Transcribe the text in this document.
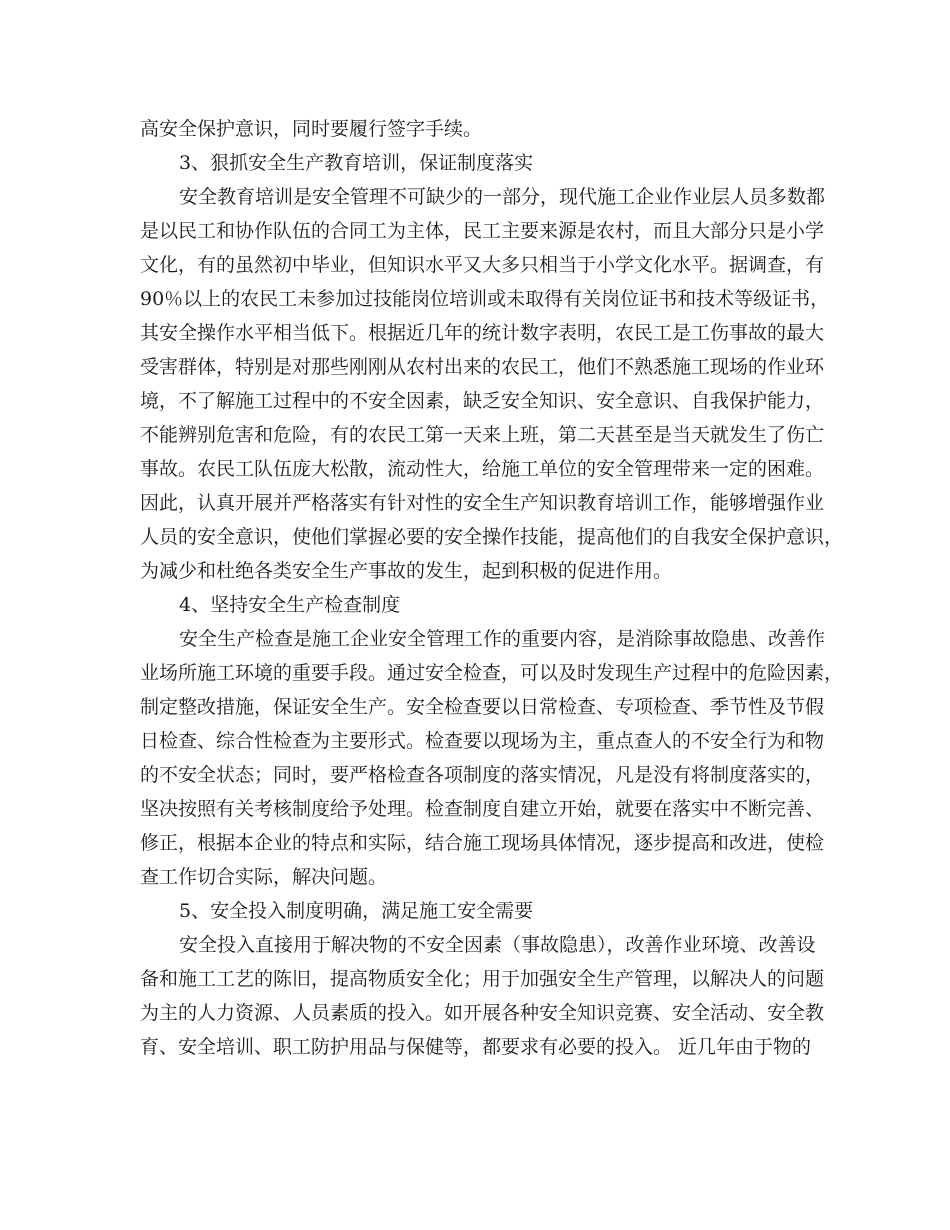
高安全保护意识，同时要履行签字手续。
3、狠抓安全生产教育培训，保证制度落实
安全教育培训是安全管理不可缺少的一部分，现代施工企业作业层人员多数都
是以民工和协作队伍的合同工为主体，民工主要来源是农村，而且大部分只是小学
文化，有的虽然初中毕业，但知识水平又大多只相当于小学文化水平。据调查，有
90％以上的农民工未参加过技能岗位培训或未取得有关岗位证书和技术等级证书，
其安全操作水平相当低下。根据近几年的统计数字表明，农民工是工伤事故的最大
受害群体，特别是对那些刚刚从农村出来的农民工，他们不熟悉施工现场的作业环
境，不了解施工过程中的不安全因素，缺乏安全知识、安全意识、自我保护能力，
不能辨别危害和危险，有的农民工第一天来上班，第二天甚至是当天就发生了伤亡
事故。农民工队伍庞大松散，流动性大，给施工单位的安全管理带来一定的困难。
因此，认真开展并严格落实有针对性的安全生产知识教育培训工作，能够增强作业
人员的安全意识，使他们掌握必要的安全操作技能，提高他们的自我安全保护意识，
为减少和杜绝各类安全生产事故的发生，起到积极的促进作用。
4、坚持安全生产检查制度
安全生产检查是施工企业安全管理工作的重要内容，是消除事故隐患、改善作
业场所施工环境的重要手段。通过安全检查，可以及时发现生产过程中的危险因素，
制定整改措施，保证安全生产。安全检查要以日常检查、专项检查、季节性及节假
日检查、综合性检查为主要形式。检查要以现场为主，重点查人的不安全行为和物
的不安全状态；同时，要严格检查各项制度的落实情况，凡是没有将制度落实的，
坚决按照有关考核制度给予处理。检查制度自建立开始，就要在落实中不断完善、
修正，根据本企业的特点和实际，结合施工现场具体情况，逐步提高和改进，使检
查工作切合实际，解决问题。
5、安全投入制度明确，满足施工安全需要
安全投入直接用于解决物的不安全因素（事故隐患），改善作业环境、改善设
备和施工工艺的陈旧，提高物质安全化；用于加强安全生产管理，以解决人的问题
为主的人力资源、人员素质的投入。如开展各种安全知识竞赛、安全活动、安全教
育、安全培训、职工防护用品与保健等，都要求有必要的投入。 近几年由于物的
